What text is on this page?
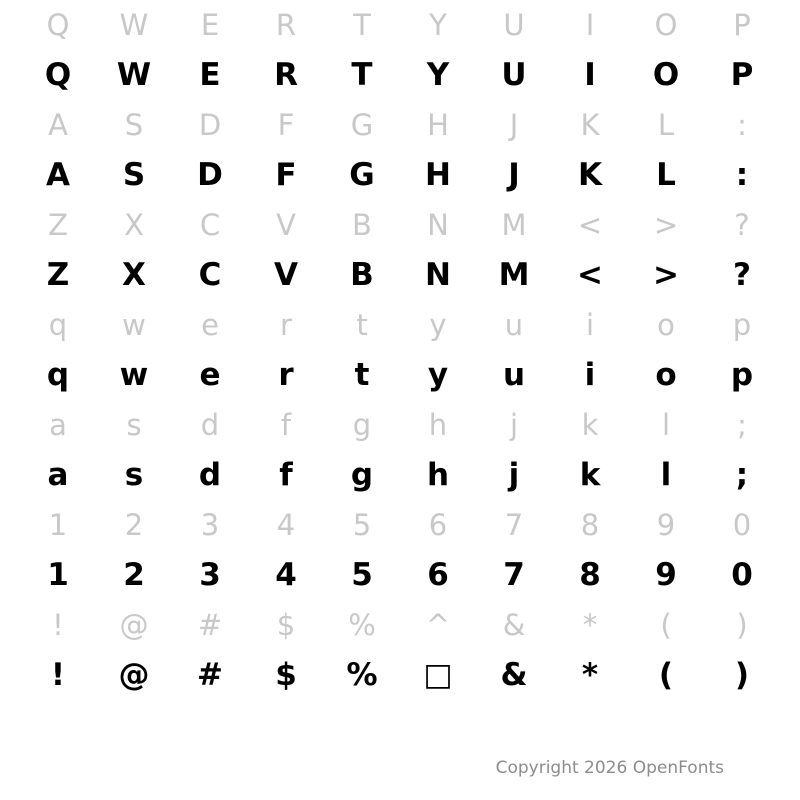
Q	W	E	R	T	Y	U	I	O	P
Q	W	E	R	T	Y	U	I	O	P
A	S	D	F	G	H	J	K	L	:
A	S	D	F	G	H	J	K	L	:
Z	X	C	V	B	N	M	<	>	?
Z	X	C	V	B	N	M	<	>	?
q	w	e	r	t	y	u	i	o	p
q	w	e	r	t	y	u	i	o	p
a	s	d	f	g	h	j	k	l	;
a	s	d	f	g	h	j	k	l	;
1	2	3	4	5	6	7	8	9	0
1	2	3	4	5	6	7	8	9	0
!	@	#	$	%	^	&	*	(	)
!	@	#	$	%	□	&	*	(	)
Copyright 2026 OpenFonts
